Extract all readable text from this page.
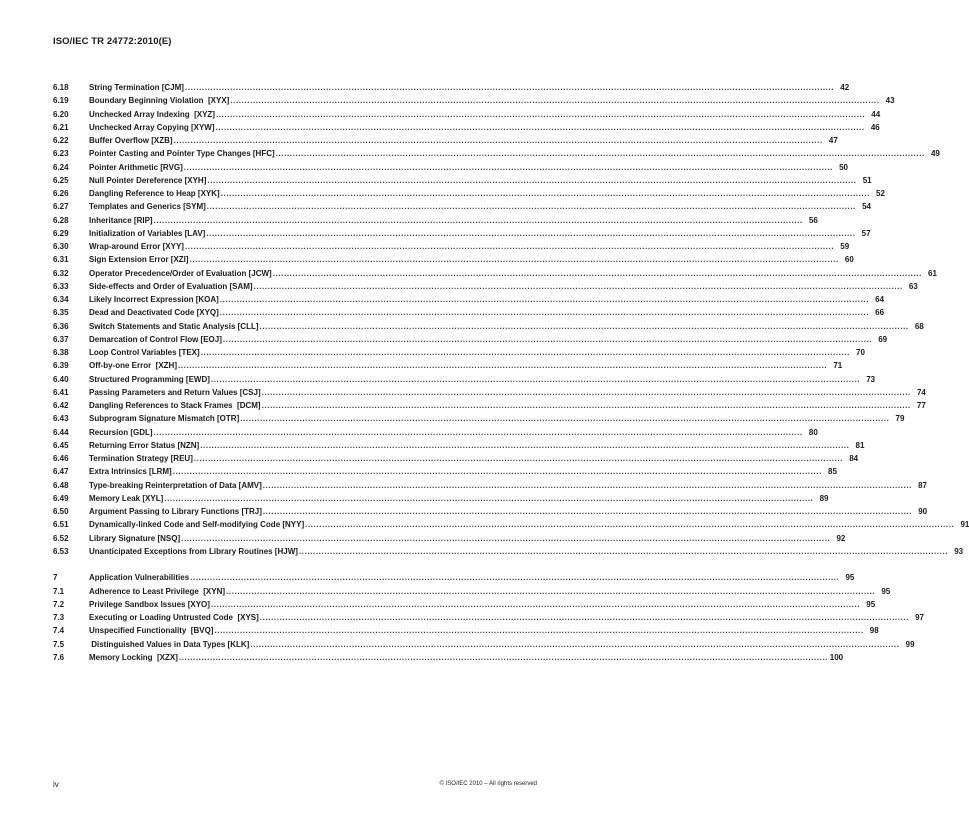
ISO/IEC TR 24772:2010(E)
6.18	String Termination [CJM] .....	42
6.19	Boundary Beginning Violation  [XYX] .....	43
6.20	Unchecked Array Indexing  [XYZ] .....	44
6.21	Unchecked Array Copying [XYW] .....	46
6.22	Buffer Overflow [XZB] .....	47
6.23	Pointer Casting and Pointer Type Changes [HFC] .....	49
6.24	Pointer Arithmetic [RVG] .....	50
6.25	Null Pointer Dereference [XYH] .....	51
6.26	Dangling Reference to Heap [XYK] .....	52
6.27	Templates and Generics [SYM] .....	54
6.28	Inheritance [RIP] .....	56
6.29	Initialization of Variables [LAV] .....	57
6.30	Wrap-around Error [XYY] .....	59
6.31	Sign Extension Error [XZI] .....	60
6.32	Operator Precedence/Order of Evaluation [JCW] .....	61
6.33	Side-effects and Order of Evaluation [SAM] .....	63
6.34	Likely Incorrect Expression [KOA] .....	64
6.35	Dead and Deactivated Code [XYQ] .....	66
6.36	Switch Statements and Static Analysis [CLL] .....	68
6.37	Demarcation of Control Flow [EOJ] .....	69
6.38	Loop Control Variables [TEX] .....	70
6.39	Off-by-one Error  [XZH] .....	71
6.40	Structured Programming [EWD] .....	73
6.41	Passing Parameters and Return Values [CSJ] .....	74
6.42	Dangling References to Stack Frames  [DCM] .....	77
6.43	Subprogram Signature Mismatch [OTR] .....	79
6.44	Recursion [GDL] .....	80
6.45	Returning Error Status [NZN] .....	81
6.46	Termination Strategy [REU] .....	84
6.47	Extra Intrinsics [LRM] .....	85
6.48	Type-breaking Reinterpretation of Data [AMV] .....	87
6.49	Memory Leak [XYL] .....	89
6.50	Argument Passing to Library Functions [TRJ] .....	90
6.51	Dynamically-linked Code and Self-modifying Code [NYY] .....	91
6.52	Library Signature [NSQ] .....	92
6.53	Unanticipated Exceptions from Library Routines [HJW] .....	93
7	Application Vulnerabilities .....	95
7.1	Adherence to Least Privilege  [XYN] .....	95
7.2	Privilege Sandbox Issues [XYO] .....	95
7.3	Executing or Loading Untrusted Code  [XYS] .....	97
7.4	Unspecified Functionality  [BVQ] .....	98
7.5	Distinguished Values in Data Types [KLK] .....	99
7.6	Memory Locking  [XZX] .....	100
iv	© ISO/IEC 2010 – All rights reserved
